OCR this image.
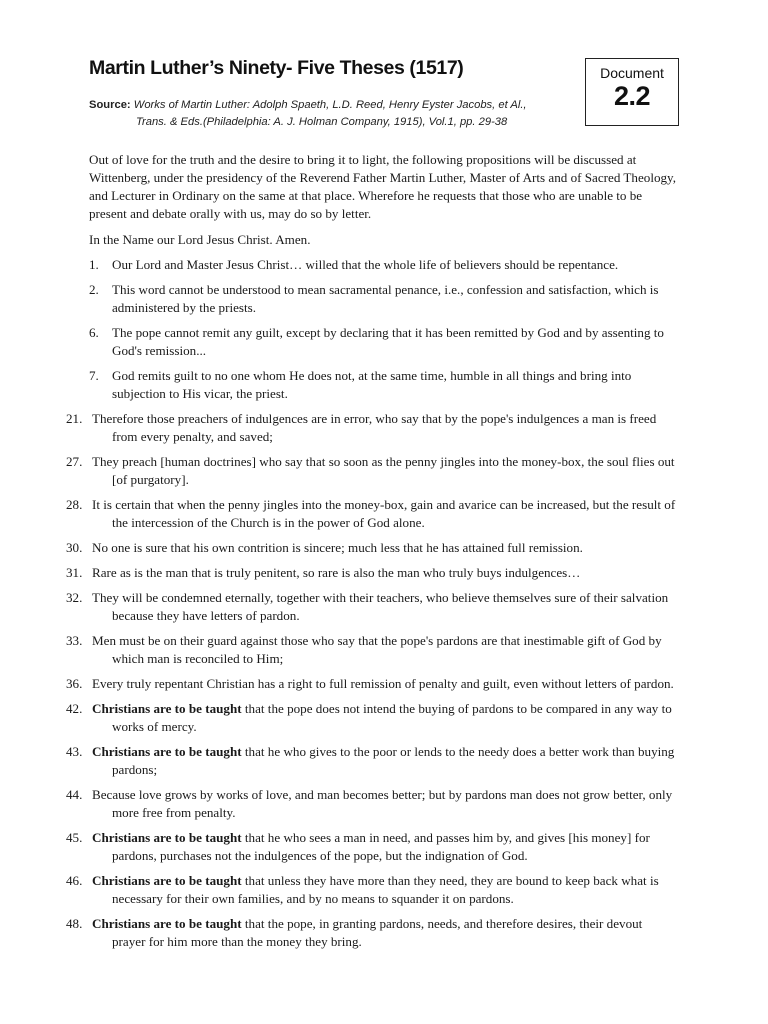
Martin Luther’s Ninety- Five Theses (1517)
Source: Works of Martin Luther: Adolph Spaeth, L.D. Reed, Henry Eyster Jacobs, et Al.,
Trans. & Eds.(Philadelphia: A. J. Holman Company, 1915), Vol.1, pp. 29-38
Document
2.2

Out of love for the truth and the desire to bring it to light, the following propositions will be discussed at Wittenberg, under the presidency of the Reverend Father Martin Luther, Master of Arts and of Sacred Theology, and Lecturer in Ordinary on the same at that place. Wherefore he requests that those who are unable to be present and debate orally with us, may do so by letter.

In the Name our Lord Jesus Christ. Amen.

1.	Our Lord and Master Jesus Christ… willed that the whole life of believers should be repentance.
2.	This word cannot be understood to mean sacramental penance, i.e., confession and satisfaction, which is administered by the priests.
6.	The pope cannot remit any guilt, except by declaring that it has been remitted by God and by assenting to God's remission...
7.	God remits guilt to no one whom He does not, at the same time, humble in all things and bring into subjection to His vicar, the priest.
21. Therefore those preachers of indulgences are in error, who say that by the pope's indulgences a man is freed from every penalty, and saved;
27. They preach [human doctrines] who say that so soon as the penny jingles into the money-box, the soul flies out [of purgatory].
28. It is certain that when the penny jingles into the money-box, gain and avarice can be increased, but the result of the intercession of the Church is in the power of God alone.
30. No one is sure that his own contrition is sincere; much less that he has attained full remission.
31. Rare as is the man that is truly penitent, so rare is also the man who truly buys indulgences…
32. They will be condemned eternally, together with their teachers, who believe themselves sure of their salvation because they have letters of pardon.
33. Men must be on their guard against those who say that the pope's pardons are that inestimable gift of God by which man is reconciled to Him;
36. Every truly repentant Christian has a right to full remission of penalty and guilt, even without letters of pardon.
42. Christians are to be taught that the pope does not intend the buying of pardons to be compared in any way to works of mercy.
43. Christians are to be taught that he who gives to the poor or lends to the needy does a better work than buying pardons;
44. Because love grows by works of love, and man becomes better; but by pardons man does not grow better, only more free from penalty.
45. Christians are to be taught that he who sees a man in need, and passes him by, and gives [his money] for pardons, purchases not the indulgences of the pope, but the indignation of God.
46. Christians are to be taught that unless they have more than they need, they are bound to keep back what is necessary for their own families, and by no means to squander it on pardons.
48. Christians are to be taught that the pope, in granting pardons, needs, and therefore desires, their devout prayer for him more than the money they bring.
